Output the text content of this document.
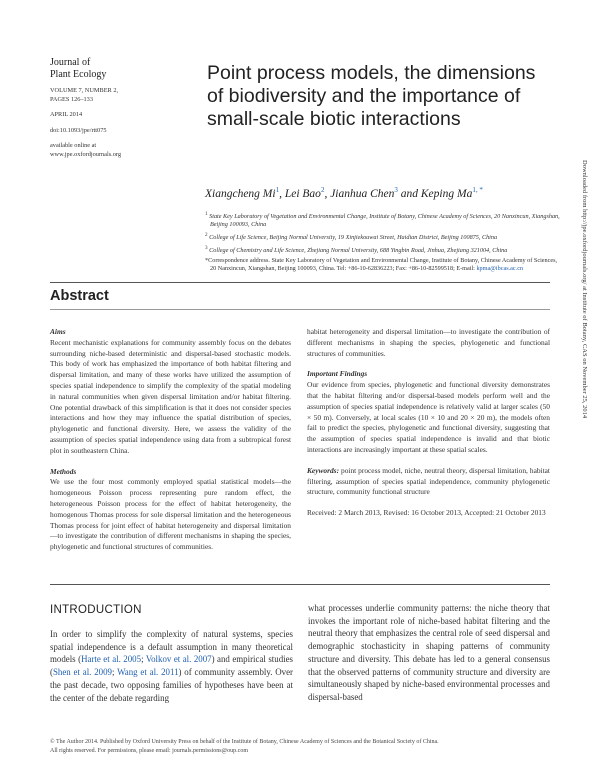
Journal of
Plant Ecology
VOLUME 7, NUMBER 2,
PAGES 126–133
APRIL 2014
doi:10.1093/jpe/rtt075
available online at
www.jpe.oxfordjournals.org
Point process models, the dimensions of biodiversity and the importance of small-scale biotic interactions
Xiangcheng Mi$^1$, Lei Bao$^2$, Jianhua Chen$^3$ and Keping $Ma^{1, *}$
$^1$ State Key Laboratory of Vegetation and Environmental Change, Institute of Botany, Chinese Academy of Sciences, 20 Nanxincun, Xiangshan, Beijing 100093, China
$^2$ College of Life Science, Beijing Normal University, 19 Xinjiekouwai Street, Haidian District, Beijing 100875, China
$^3$ College of Chemistry and Life Science, Zhejiang Normal University, 688 Yingbin Road, Jinhua, Zhejiang 321004, China
*Correspondence address. State Key Laboratory of Vegetation and Environmental Change, Institute of Botany, Chinese Academy of Sciences, 20 Nanxincun, Xiangshan, Beijing 100093, China. Tel: +86-10-62836223; Fax: +86-10-82599518; E-mail: kpma@ibcas.ac.cn
Abstract
Aims

Recent mechanistic explanations for community assembly focus on the debates surrounding niche-based deterministic and dispersal-based stochastic models. This body of work has emphasized the importance of both habitat filtering and dispersal limitation, and many of these works have utilized the assumption of species spatial independence to simplify the complexity of the spatial modeling in natural communities when given dispersal limitation and/or habitat filtering. One potential drawback of this simplification is that it does not consider species interactions and how they may influence the spatial distribution of species, phylogenetic and functional diversity. Here, we assess the validity of the assumption of species spatial independence using data from a subtropical forest plot in southeastern China.

Methods

We use the four most commonly employed spatial statistical models—the homogeneous Poisson process representing pure random effect, the heterogeneous Poisson process for the effect of habitat heterogeneity, the homogenous Thomas process for sole dispersal limitation and the heterogeneous Thomas process for joint effect of habitat heterogeneity and dispersal limitation—to investigate the contribution of different mechanisms in shaping the species, phylogenetic and functional structures of communities.

habitat heterogeneity and dispersal limitation—to investigate the contribution of different mechanisms in shaping the species, phylogenetic and functional structures of communities.

Important Findings

Our evidence from species, phylogenetic and functional diversity demonstrates that the habitat filtering and/or dispersal-based models perform well and the assumption of species spatial independence is relatively valid at larger scales (50 × 50 m). Conversely, at local scales (10 × 10 and 20 × 20 m), the models often fail to predict the species, phylogenetic and functional diversity, suggesting that the assumption of species spatial independence is invalid and that biotic interactions are increasingly important at these spatial scales.

Keywords: point process model, niche, neutral theory, dispersal limitation, habitat filtering, assumption of species spatial independence, community phylogenetic structure, community functional structure

Received: 2 March 2013, Revised: 16 October 2013, Accepted: 21 October 2013

INTRODUCTION
In order to simplify the complexity of natural systems, species spatial independence is a default assumption in many theoretical models (Harte et al. 2005; Volkov et al. 2007) and empirical studies (Shen et al. 2009; Wang et al. 2011) of community assembly. Over the past decade, two opposing families of hypotheses have been at the center of the debate regarding
what processes underlie community patterns: the niche theory that invokes the important role of niche-based habitat filtering and the neutral theory that emphasizes the central role of seed dispersal and demographic stochasticity in shaping patterns of community structure and diversity. This debate has led to a general consensus that the observed patterns of community structure and diversity are simultaneously shaped by niche-based environmental processes and dispersal-based
© The Author 2014. Published by Oxford University Press on behalf of the Institute of Botany, Chinese Academy of Sciences and the Botanical Society of China.
All rights reserved. For permissions, please email: journals.permissions@oup.com
Downloaded from http://jpe.oxfordjournals.org/ at Institute of Botany, CAS on November 25, 2014
